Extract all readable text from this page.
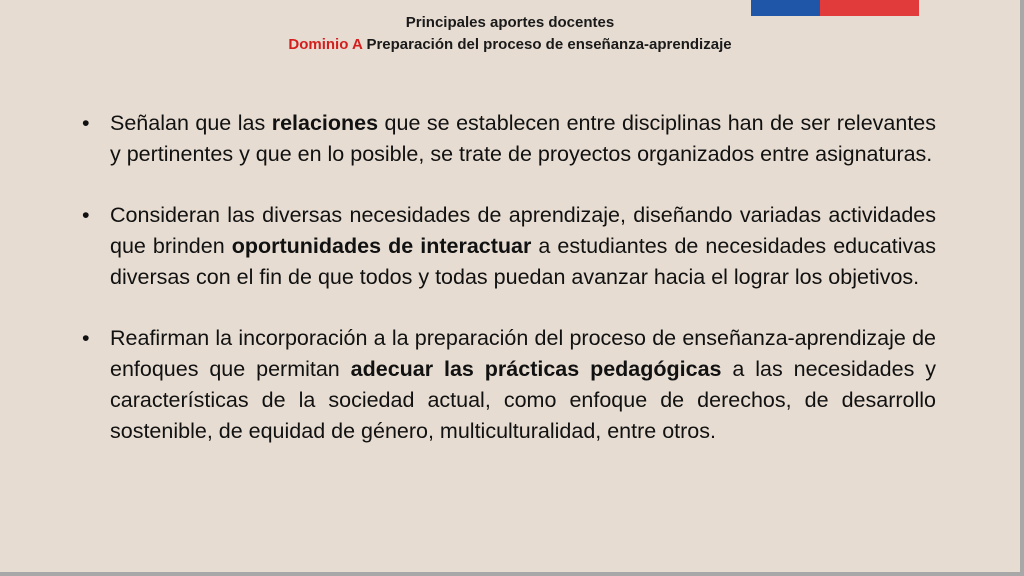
Principales aportes docentes
Dominio A Preparación del proceso de enseñanza-aprendizaje
• Señalan que las relaciones que se establecen entre disciplinas han de ser relevantes y pertinentes y que en lo posible, se trate de proyectos organizados entre asignaturas.
• Consideran las diversas necesidades de aprendizaje, diseñando variadas actividades que brinden oportunidades de interactuar a estudiantes de necesidades educativas diversas con el fin de que todos y todas puedan avanzar hacia el lograr los objetivos.
• Reafirman la incorporación a la preparación del proceso de enseñanza-aprendizaje de enfoques que permitan adecuar las prácticas pedagógicas a las necesidades y características de la sociedad actual, como enfoque de derechos, de desarrollo sostenible, de equidad de género, multiculturalidad, entre otros.
